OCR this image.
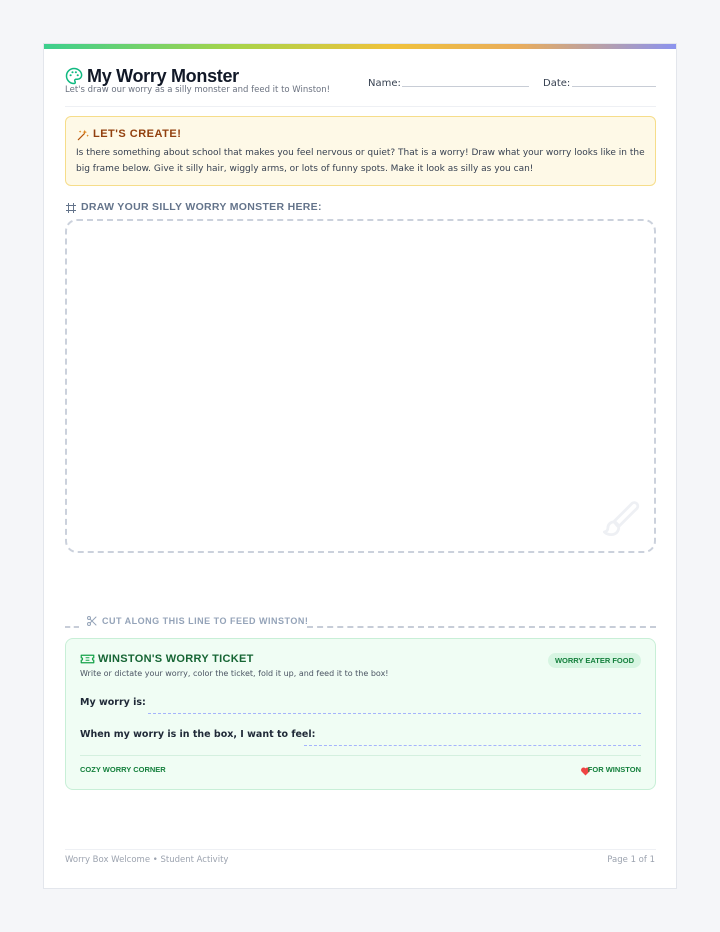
My Worry Monster
Let's draw our worry as a silly monster and feed it to Winston!
Name:	Date:
LET'S CREATE!
Is there something about school that makes you feel nervous or quiet? That is a worry! Draw what your worry looks like in the big frame below. Give it silly hair, wiggly arms, or lots of funny spots. Make it look as silly as you can!
DRAW YOUR SILLY WORRY MONSTER HERE:
CUT ALONG THIS LINE TO FEED WINSTON!
WINSTON'S WORRY TICKET	WORRY EATER FOOD
Write or dictate your worry, color the ticket, fold it up, and feed it to the box!
My worry is:
When my worry is in the box, I want to feel:
COZY WORRY CORNER	FOR WINSTON
Worry Box Welcome • Student Activity	Page 1 of 1
